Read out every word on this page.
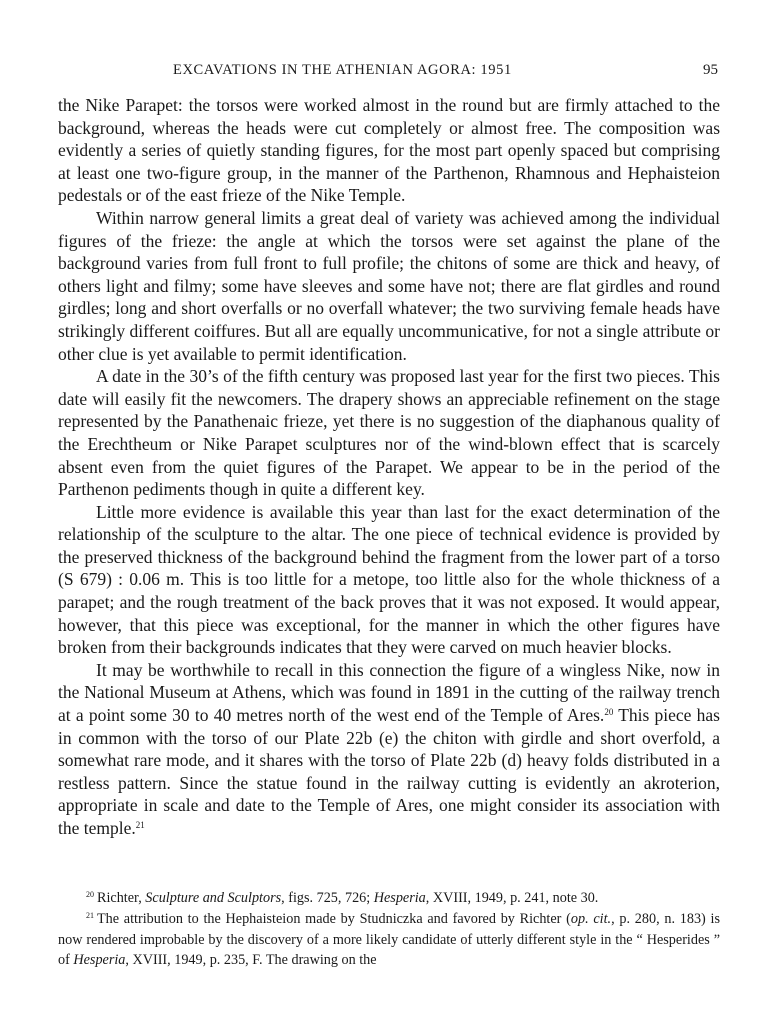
EXCAVATIONS IN THE ATHENIAN AGORA: 1951	95

the Nike Parapet: the torsos were worked almost in the round but are firmly attached to the background, whereas the heads were cut completely or almost free. The composition was evidently a series of quietly standing figures, for the most part openly spaced but comprising at least one two-figure group, in the manner of the Parthenon, Rhamnous and Hephaisteion pedestals or of the east frieze of the Nike Temple.

Within narrow general limits a great deal of variety was achieved among the individual figures of the frieze: the angle at which the torsos were set against the plane of the background varies from full front to full profile; the chitons of some are thick and heavy, of others light and filmy; some have sleeves and some have not; there are flat girdles and round girdles; long and short overfalls or no overfall whatever; the two surviving female heads have strikingly different coiffures. But all are equally uncommunicative, for not a single attribute or other clue is yet available to permit identification.

A date in the 30’s of the fifth century was proposed last year for the first two pieces. This date will easily fit the newcomers. The drapery shows an appreciable refinement on the stage represented by the Panathenaic frieze, yet there is no suggestion of the diaphanous quality of the Erechtheum or Nike Parapet sculptures nor of the wind-blown effect that is scarcely absent even from the quiet figures of the Parapet. We appear to be in the period of the Parthenon pediments though in quite a different key.

Little more evidence is available this year than last for the exact determination of the relationship of the sculpture to the altar. The one piece of technical evidence is provided by the preserved thickness of the background behind the fragment from the lower part of a torso (S 679) : 0.06 m. This is too little for a metope, too little also for the whole thickness of a parapet; and the rough treatment of the back proves that it was not exposed. It would appear, however, that this piece was exceptional, for the manner in which the other figures have broken from their backgrounds indicates that they were carved on much heavier blocks.

It may be worthwhile to recall in this connection the figure of a wingless Nike, now in the National Museum at Athens, which was found in 1891 in the cutting of the railway trench at a point some 30 to 40 metres north of the west end of the Temple of Ares.$^{20}$ This piece has in common with the torso of our Plate 22b (e) the chiton with girdle and short overfold, a somewhat rare mode, and it shares with the torso of Plate 22b (d) heavy folds distributed in a restless pattern. Since the statue found in the railway cutting is evidently an akroterion, appropriate in scale and date to the Temple of Ares, one might consider its association with the temple.$^{21}$

$^{20}$ Richter, Sculpture and Sculptors, figs. 725, 726; Hesperia, XVIII, 1949, p. 241, note 30.

$^{21}$ The attribution to the Hephaisteion made by Studniczka and favored by Richter (op. cit., p. 280, n. 183) is now rendered improbable by the discovery of a more likely candidate of utterly different style in the “ Hesperides ” of Hesperia, XVIII, 1949, p. 235, F. The drawing on the
